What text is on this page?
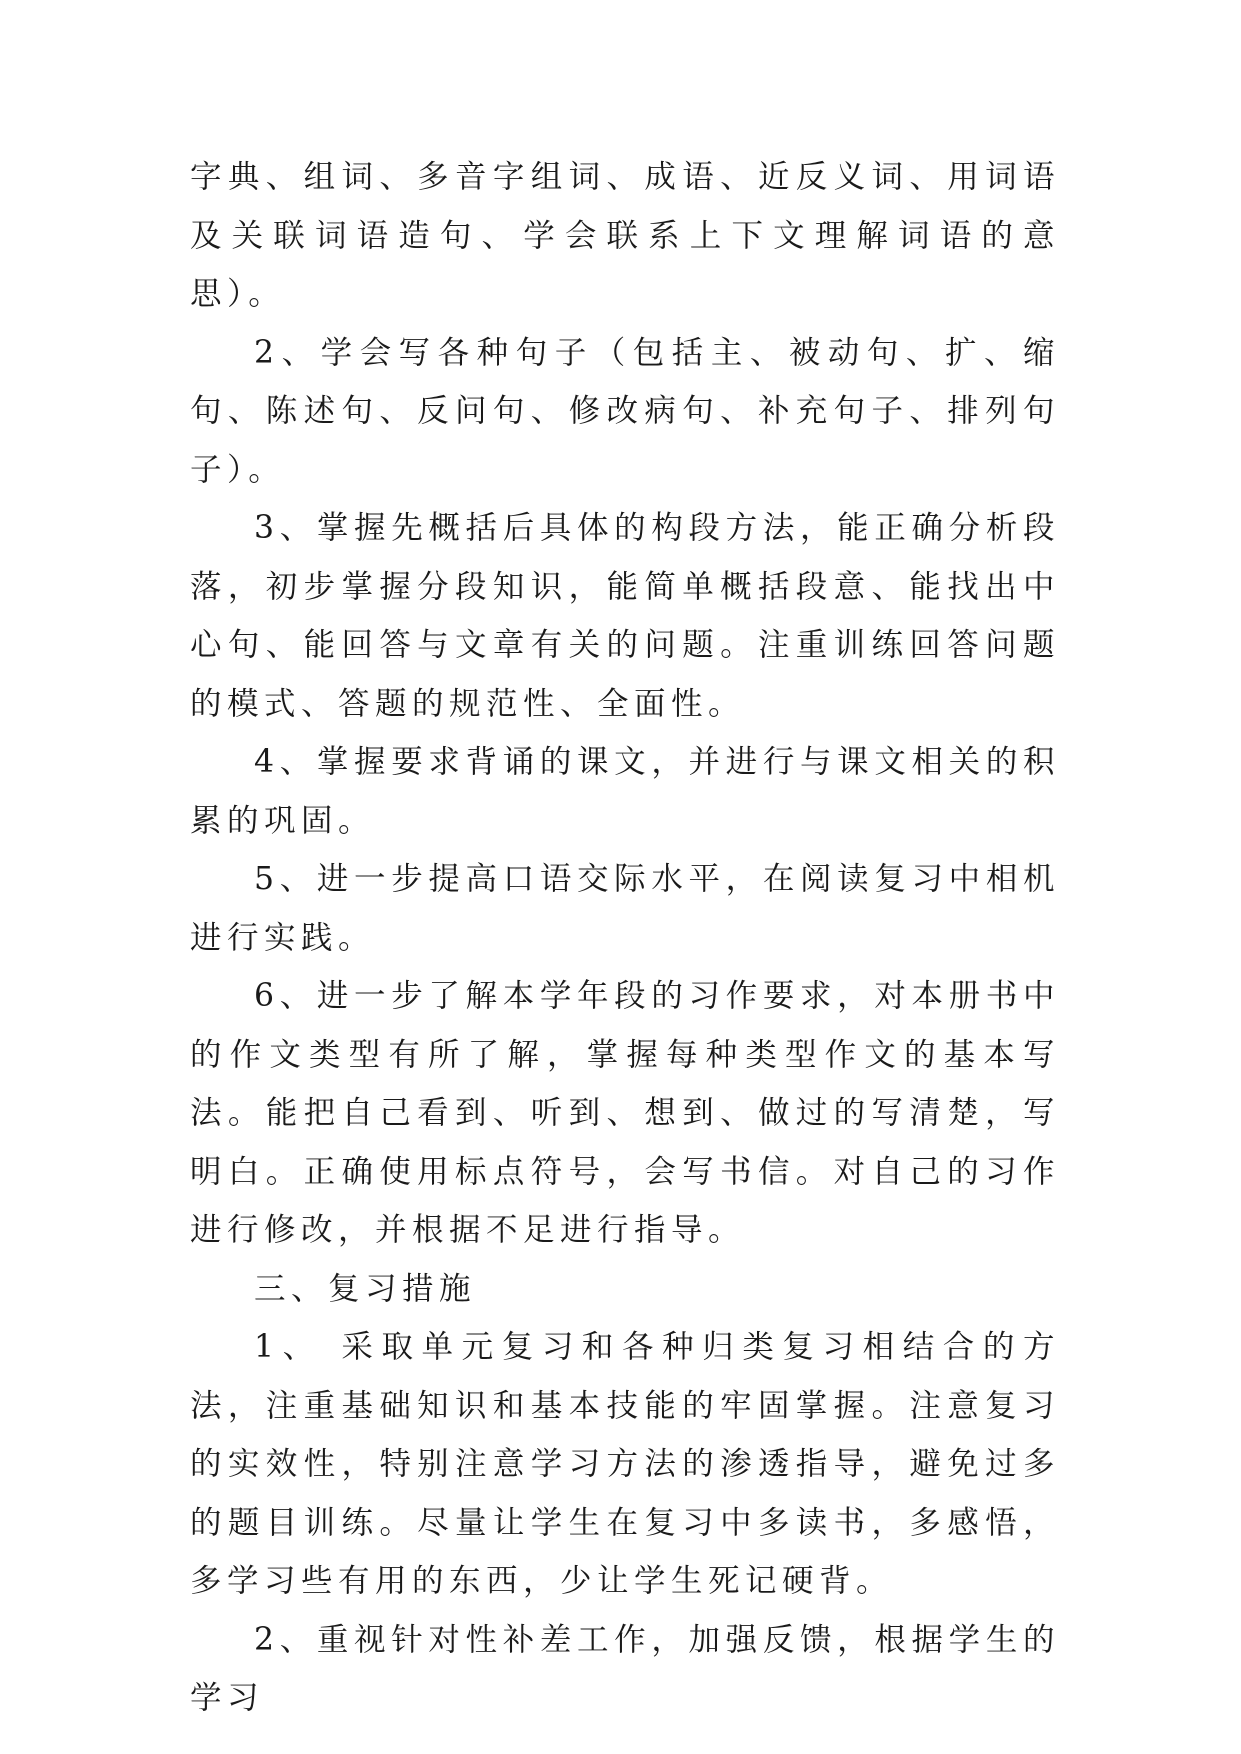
字典、组词、多音字组词、成语、近反义词、用词语及关联词语造句、学会联系上下文理解词语的意思）。

2、学会写各种句子（包括主、被动句、扩、缩句、陈述句、反问句、修改病句、补充句子、排列句子）。

3、掌握先概括后具体的构段方法，能正确分析段落，初步掌握分段知识，能简单概括段意、能找出中心句、能回答与文章有关的问题。注重训练回答问题的模式、答题的规范性、全面性。

4、掌握要求背诵的课文，并进行与课文相关的积累的巩固。

5、进一步提高口语交际水平，在阅读复习中相机进行实践。

6、进一步了解本学年段的习作要求，对本册书中的作文类型有所了解，掌握每种类型作文的基本写法。能把自己看到、听到、想到、做过的写清楚，写明白。正确使用标点符号，会写书信。对自己的习作进行修改，并根据不足进行指导。

三、复习措施

1、 采取单元复习和各种归类复习相结合的方法，注重基础知识和基本技能的牢固掌握。注意复习的实效性，特别注意学习方法的渗透指导，避免过多的题目训练。尽量让学生在复习中多读书，多感悟，多学习些有用的东西，少让学生死记硬背。

2、重视针对性补差工作，加强反馈，根据学生的学习
